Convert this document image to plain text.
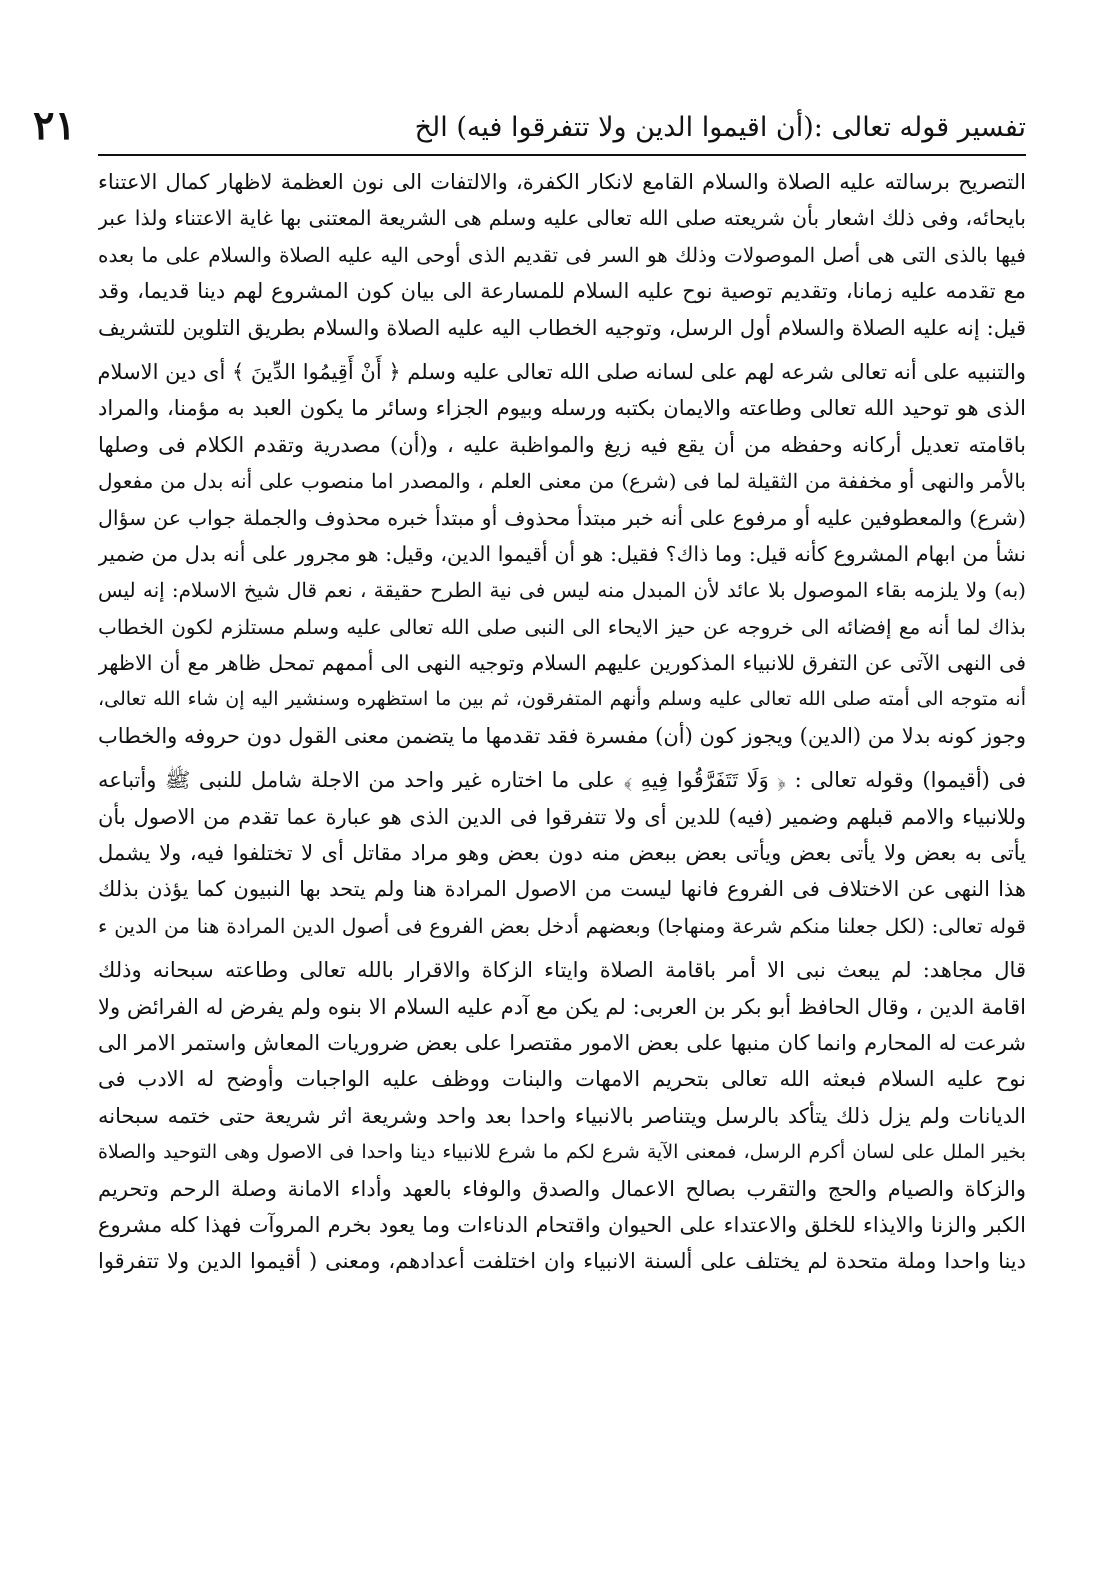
٢١	تفسير قوله تعالى :(أن اقيموا الدين ولا تتفرقوا فيه) الخ
التصريح برسالته عليه الصلاة والسلام القامع لانكار الكفرة، والالتفات الى نون العظمة لاظهار كمال الاعتناء
بايحائه، وفى ذلك اشعار بأن شريعته صلى الله تعالى عليه وسلم هى الشريعة المعتنى بها غاية الاعتناء ولذا عبر
فيها بالذى التى هى أصل الموصولات وذلك هو السر فى تقديم الذى أوحى اليه عليه الصلاة والسلام على ما بعده
مع تقدمه عليه زمانا، وتقديم توصية نوح عليه السلام للمسارعة الى بيان كون المشروع لهم دينا قديما، وقد
قيل: إنه عليه الصلاة والسلام أول الرسل، وتوجيه الخطاب اليه عليه الصلاة والسلام بطريق التلوين للتشريف
والتنبيه على أنه تعالى شرعه لهم على لسانه صلى الله تعالى عليه وسلم ﴿ أَنْ أَقِيمُوا الدِّينَ ﴾ أى دين الاسلام
الذى هو توحيد الله تعالى وطاعته والايمان بكتبه ورسله وبيوم الجزاء وسائر ما يكون العبد به مؤمنا، والمراد
باقامته تعديل أركانه وحفظه من أن يقع فيه زيغ والمواظبة عليه ، و(أن) مصدرية وتقدم الكلام فى وصلها
بالأمر والنهى أو مخففة من الثقيلة لما فى (شرع) من معنى العلم ، والمصدر اما منصوب على أنه بدل من مفعول
(شرع) والمعطوفين عليه أو مرفوع على أنه خبر مبتدأ محذوف أو مبتدأ خبره محذوف والجملة جواب عن سؤال
نشأ من ابهام المشروع كأنه قيل: وما ذاك؟ فقيل: هو أن أقيموا الدين، وقيل: هو مجرور على أنه بدل من ضمير
(به) ولا يلزمه بقاء الموصول بلا عائد لأن المبدل منه ليس فى نية الطرح حقيقة ، نعم قال شيخ الاسلام: إنه ليس
بذاك لما أنه مع إفضائه الى خروجه عن حيز الايحاء الى النبى صلى الله تعالى عليه وسلم مستلزم لكون الخطاب
فى النهى الآتى عن التفرق للانبياء المذكورين عليهم السلام وتوجيه النهى الى أممهم تمحل ظاهر مع أن الاظهر
أنه متوجه الى أمته صلى الله تعالى عليه وسلم وأنهم المتفرقون، ثم بين ما استظهره وسنشير اليه إن شاء الله تعالى،
وجوز كونه بدلا من (الدين) ويجوز كون (أن) مفسرة فقد تقدمها ما يتضمن معنى القول دون حروفه والخطاب
فى (أقيموا) وقوله تعالى : ﴿ وَلَا تَتَفَرَّقُوا فِيهِ ﴾ على ما اختاره غير واحد من الاجلة شامل للنبى ﷺ وأتباعه
وللانبياء والامم قبلهم وضمير (فيه) للدين أى ولا تتفرقوا فى الدين الذى هو عبارة عما تقدم من الاصول بأن
يأتى به بعض ولا يأتى بعض ويأتى بعض ببعض منه دون بعض وهو مراد مقاتل أى لا تختلفوا فيه، ولا يشمل
هذا النهى عن الاختلاف فى الفروع فانها ليست من الاصول المرادة هنا ولم يتحد بها النبيون كما يؤذن بذلك
قوله تعالى: (لكل جعلنا منكم شرعة ومنهاجا) وبعضهم أدخل بعض الفروع فى أصول الدين المرادة هنا من الدين ء
قال مجاهد: لم يبعث نبى الا أمر باقامة الصلاة وايتاء الزكاة والاقرار بالله تعالى وطاعته سبحانه وذلك
اقامة الدين ، وقال الحافظ أبو بكر بن العربى: لم يكن مع آدم عليه السلام الا بنوه ولم يفرض له الفرائض ولا
شرعت له المحارم وانما كان منبها على بعض الامور مقتصرا على بعض ضروريات المعاش واستمر الامر الى
نوح عليه السلام فبعثه الله تعالى بتحريم الامهات والبنات ووظف عليه الواجبات وأوضح له الادب فى
الديانات ولم يزل ذلك يتأكد بالرسل ويتناصر بالانبياء واحدا بعد واحد وشريعة اثر شريعة حتى ختمه سبحانه
بخير الملل على لسان أكرم الرسل، فمعنى الآية شرع لكم ما شرع للانبياء دينا واحدا فى الاصول وهى التوحيد والصلاة
والزكاة والصيام والحج والتقرب بصالح الاعمال والصدق والوفاء بالعهد وأداء الامانة وصلة الرحم وتحريم
الكبر والزنا والايذاء للخلق والاعتداء على الحيوان واقتحام الدناءات وما يعود بخرم المروآت فهذا كله مشروع
دينا واحدا وملة متحدة لم يختلف على ألسنة الانبياء وان اختلفت أعدادهم، ومعنى ( أقيموا الدين ولا تتفرقوا
